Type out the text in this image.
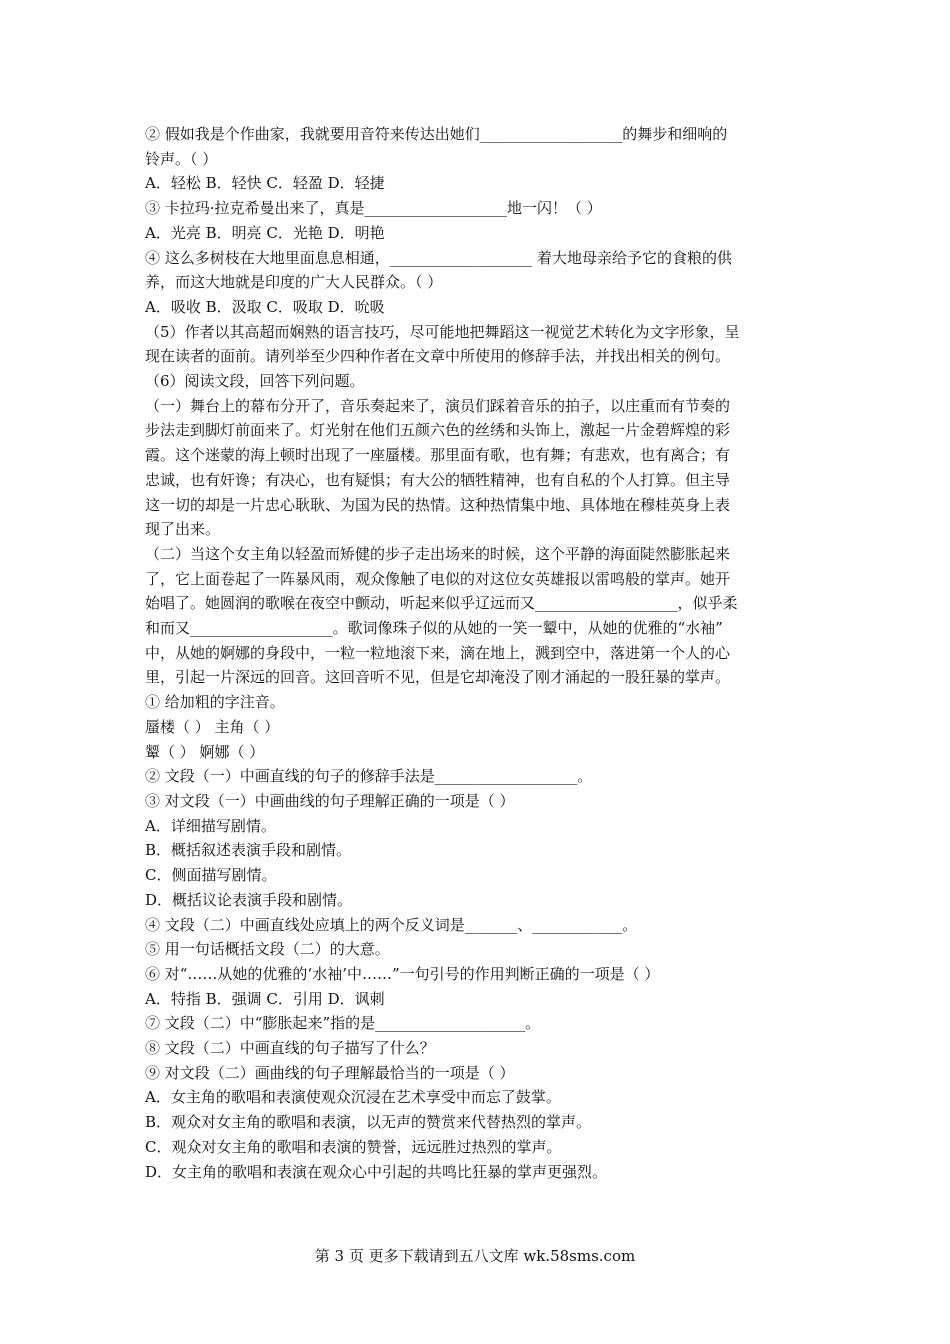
② 假如我是个作曲家，我就要用音符来传达出她们___________________的舞步和细响的
铃声。（ ）
A．轻松 B．轻快 C．轻盈 D．轻捷
③ 卡拉玛·拉克希曼出来了，真是___________________地一闪！（ ）
A．光亮 B．明亮 C．光艳 D．明艳
④ 这么多树枝在大地里面息息相通，___________________ 着大地母亲给予它的食粮的供
养，而这大地就是印度的广大人民群众。（ ）
A．吸收 B．汲取 C．吸取 D．吮吸
（5）作者以其高超而娴熟的语言技巧，尽可能地把舞蹈这一视觉艺术转化为文字形象，呈
现在读者的面前。请列举至少四种作者在文章中所使用的修辞手法，并找出相关的例句。
（6）阅读文段，回答下列问题。
（一）舞台上的幕布分开了，音乐奏起来了，演员们踩着音乐的拍子，以庄重而有节奏的
步法走到脚灯前面来了。灯光射在他们五颜六色的丝绣和头饰上，激起一片金碧辉煌的彩
霞。这个迷蒙的海上顿时出现了一座蜃楼。那里面有歌，也有舞；有悲欢，也有离合；有
忠诚，也有奸谗；有决心，也有疑惧；有大公的牺牲精神，也有自私的个人打算。但主导
这一切的却是一片忠心耿耿、为国为民的热情。这种热情集中地、具体地在穆桂英身上表
现了出来。
（二）当这个女主角以轻盈而矫健的步子走出场来的时候，这个平静的海面陡然膨胀起来
了，它上面卷起了一阵暴风雨，观众像触了电似的对这位女英雄报以雷鸣般的掌声。她开
始唱了。她圆润的歌喉在夜空中颤动，听起来似乎辽远而又___________________，似乎柔
和而又___________________。歌词像珠子似的从她的一笑一颦中，从她的优雅的“水袖”
中，从她的婀娜的身段中，一粒一粒地滚下来，滴在地上，溅到空中，落进第一个人的心
里，引起一片深远的回音。这回音听不见，但是它却淹没了刚才涌起的一股狂暴的掌声。
① 给加粗的字注音。
蜃楼（ ） 主角（ ）
颦（ ） 婀娜（ ）
② 文段（一）中画直线的句子的修辞手法是___________________。
③ 对文段（一）中画曲线的句子理解正确的一项是（ ）
A．详细描写剧情。
B．概括叙述表演手段和剧情。
C．侧面描写剧情。
D．概括议论表演手段和剧情。
④ 文段（二）中画直线处应填上的两个反义词是_______、____________。
⑤ 用一句话概括文段（二）的大意。
⑥ 对“……从她的优雅的‘水袖’中……”一句引号的作用判断正确的一项是（ ）
A．特指 B．强调 C．引用 D．讽刺
⑦ 文段（二）中“膨胀起来”指的是____________________。
⑧ 文段（二）中画直线的句子描写了什么？
⑨ 对文段（二）画曲线的句子理解最恰当的一项是（ ）
A．女主角的歌唱和表演使观众沉浸在艺术享受中而忘了鼓掌。
B．观众对女主角的歌唱和表演，以无声的赞赏来代替热烈的掌声。
C．观众对女主角的歌唱和表演的赞誉，远远胜过热烈的掌声。
D．女主角的歌唱和表演在观众心中引起的共鸣比狂暴的掌声更强烈。
第 3 页 更多下载请到五八文库 wk.58sms.com
